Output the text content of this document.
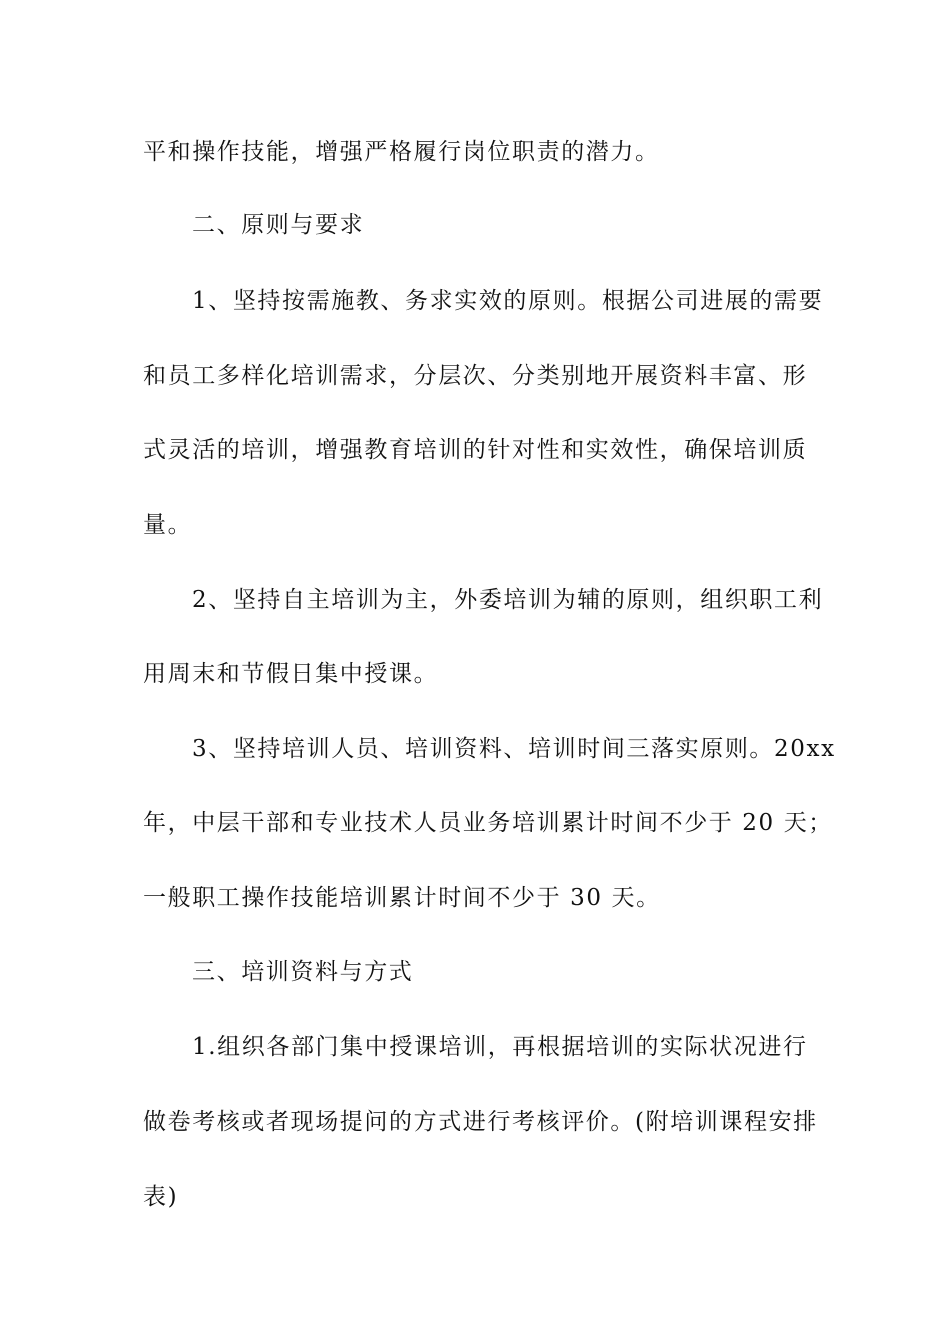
平和操作技能，增强严格履行岗位职责的潜力。

二、原则与要求

1、坚持按需施教、务求实效的原则。根据公司进展的需要

和员工多样化培训需求，分层次、分类别地开展资料丰富、形

式灵活的培训，增强教育培训的针对性和实效性，确保培训质

量。

2、坚持自主培训为主，外委培训为辅的原则，组织职工利

用周末和节假日集中授课。

3、坚持培训人员、培训资料、培训时间三落实原则。20xx

年，中层干部和专业技术人员业务培训累计时间不少于 20 天；

一般职工操作技能培训累计时间不少于 30 天。

三、培训资料与方式

1.组织各部门集中授课培训，再根据培训的实际状况进行

做卷考核或者现场提问的方式进行考核评价。(附培训课程安排

表)
